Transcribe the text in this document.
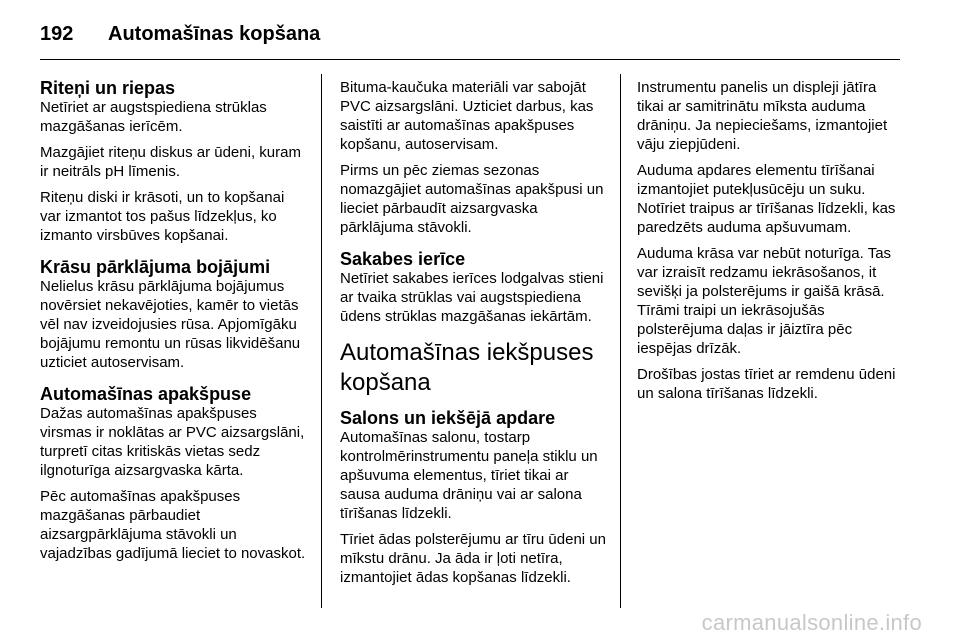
192	Automašīnas kopšana
Riteņi un riepas

Netīriet ar augstspiediena strūklas mazgāšanas ierīcēm.

Mazgājiet riteņu diskus ar ūdeni, kuram ir neitrāls pH līmenis.

Riteņu diski ir krāsoti, un to kopšanai var izmantot tos pašus līdzekļus, ko izmanto virsbūves kopšanai.

Krāsu pārklājuma bojājumi

Nelielus krāsu pārklājuma bojājumus novērsiet nekavējoties, kamēr to vietās vēl nav izveidojusies rūsa. Apjomīgāku bojājumu remontu un rūsas likvidēšanu uzticiet autoservisam.

Automašīnas apakšpuse

Dažas automašīnas apakšpuses virsmas ir noklātas ar PVC aizsargslāni, turpretī citas kritiskās vietas sedz ilgnoturīga aizsargvaska kārta.

Pēc automašīnas apakšpuses mazgāšanas pārbaudiet aizsargpārklājuma stāvokli un vajadzības gadījumā lieciet to novaskot.

Bituma-kaučuka materiāli var sabojāt PVC aizsargslāni. Uzticiet darbus, kas saistīti ar automašīnas apakšpuses kopšanu, autoservisam.

Pirms un pēc ziemas sezonas nomazgājiet automašīnas apakšpusi un lieciet pārbaudīt aizsargvaska pārklājuma stāvokli.

Sakabes ierīce

Netīriet sakabes ierīces lodgalvas stieni ar tvaika strūklas vai augstspiediena ūdens strūklas mazgāšanas iekārtām.

Automašīnas iekšpuses kopšana
Salons un iekšējā apdare

Automašīnas salonu, tostarp kontrolmērinstrumentu paneļa stiklu un apšuvuma elementus, tīriet tikai ar sausa auduma drāniņu vai ar salona tīrīšanas līdzekli.

Tīriet ādas polsterējumu ar tīru ūdeni un mīkstu drānu. Ja āda ir ļoti netīra, izmantojiet ādas kopšanas līdzekli.

Instrumentu panelis un displeji jātīra tikai ar samitrinātu mīksta auduma drāniņu. Ja nepieciešams, izmantojiet vāju ziepjūdeni.

Auduma apdares elementu tīrīšanai izmantojiet putekļusūcēju un suku. Notīriet traipus ar tīrīšanas līdzekli, kas paredzēts auduma apšuvumam.

Auduma krāsa var nebūt noturīga. Tas var izraisīt redzamu iekrāsošanos, it sevišķi ja polsterējums ir gaišā krāsā. Tīrāmi traipi un iekrāsojušās polsterējuma daļas ir jāiztīra pēc iespējas drīzāk.

Drošības jostas tīriet ar remdenu ūdeni un salona tīrīšanas līdzekli.

carmanualsonline.info
